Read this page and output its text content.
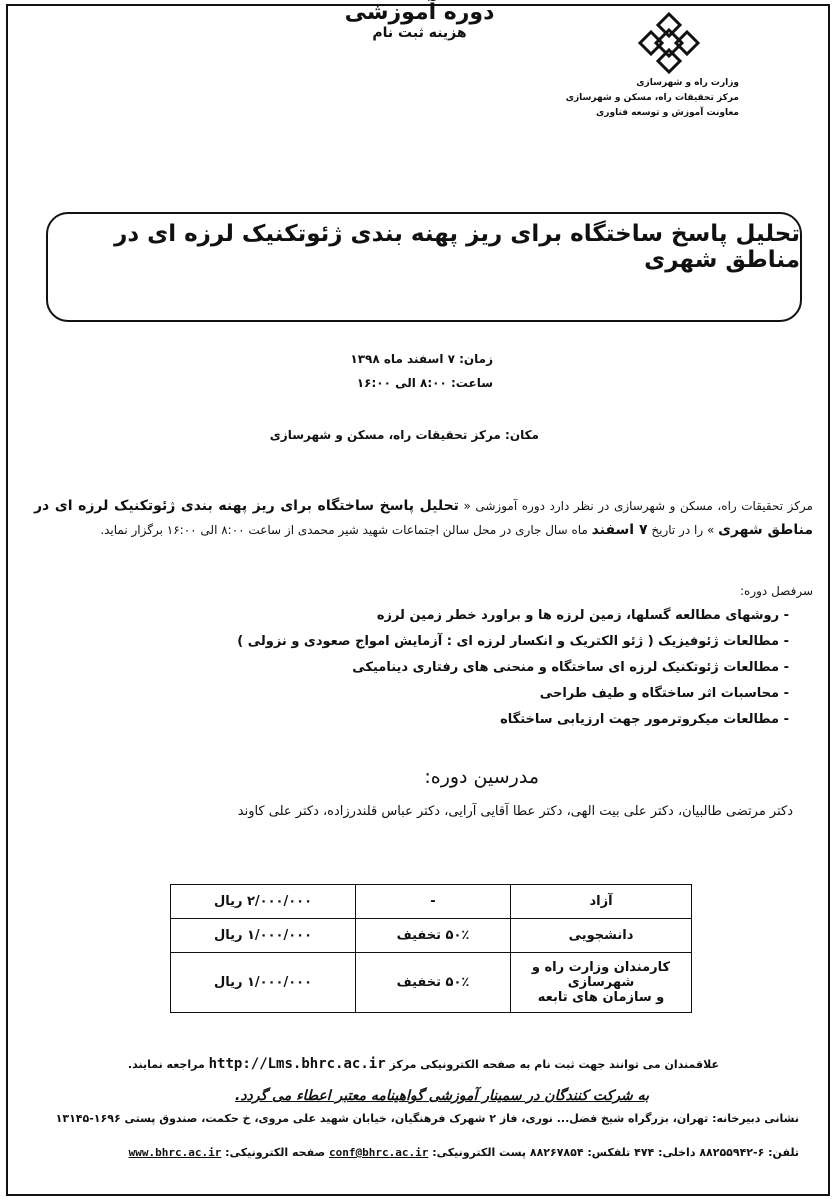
وزارت راه و شهرسازی
مرکز تحقیقات راه، مسکن و شهرسازی
معاونت آموزش و توسعه فناوری
دوره آموزشی
تحلیل پاسخ ساختگاه برای ریز پهنه بندی ژئوتکنیک لرزه ای در مناطق شهری
زمان: ۷ اسفند ماه ۱۳۹۸
ساعت: ۸:۰۰ الی ۱۶:۰۰
مکان: مرکز تحقیقات راه، مسکن و شهرسازی
مرکز تحقیقات راه، مسکن و شهرسازی در نظر دارد دوره آموزشی « تحلیل پاسخ ساختگاه برای ریز پهنه بندی ژئوتکنیک لرزه ای در مناطق شهری » را در تاریخ ۷ اسفند ماه سال جاری در محل سالن اجتماعات شهید شیر محمدی از ساعت ۸:۰۰ الی ۱۶:۰۰ برگزار نماید.
سرفصل دوره:
- روشهای مطالعه گسلها، زمین لرزه ها و براورد خطر زمین لرزه
- مطالعات ژئوفیزیک ( ژئو الکتریک و انکسار لرزه ای : آزمایش امواج صعودی و نزولی )
- مطالعات ژئوتکنیک لرزه ای ساختگاه و منحنی های رفتاری دینامیکی
- محاسبات اثر ساختگاه و طیف طراحی
- مطالعات میکروترمور جهت ارزیابی ساختگاه
مدرسین دوره:
دکتر مرتضی طالبیان، دکتر علی بیت الهی، دکتر عطا آقایی آرایی، دکتر عباس قلندرزاده، دکتر علی کاوند
هزینه ثبت نام
آزاد	-	۲/۰۰۰/۰۰۰ ریال
دانشجویی	۵۰٪ تخفیف	۱/۰۰۰/۰۰۰ ریال

کارمندان وزارت راه و شهرسازی
و سازمان های تابعه	۵۰٪ تخفیف	۱/۰۰۰/۰۰۰ ریال
علاقمندان می توانند جهت ثبت نام به صفحه الکترونیکی مرکز http://Lms.bhrc.ac.ir مراجعه نمایند.
به شرکت کنندگان در سمینار آموزشی گواهینامه معتبر اعطاء می گردد.
نشانی دبیرخانه: تهران، بزرگراه شیخ فضل... نوری، فاز ۲ شهرک فرهنگیان، خیابان شهید علی مروی، خ حکمت، صندوق پستی ۱۶۹۶-۱۳۱۴۵
تلفن: ۶-۸۸۲۵۵۹۴۲ داخلی: ۴۷۴ تلفکس: ۸۸۲۶۷۸۵۴ پست الکترونیکی: conf@bhrc.ac.ir صفحه الکترونیکی: www.bhrc.ac.ir
